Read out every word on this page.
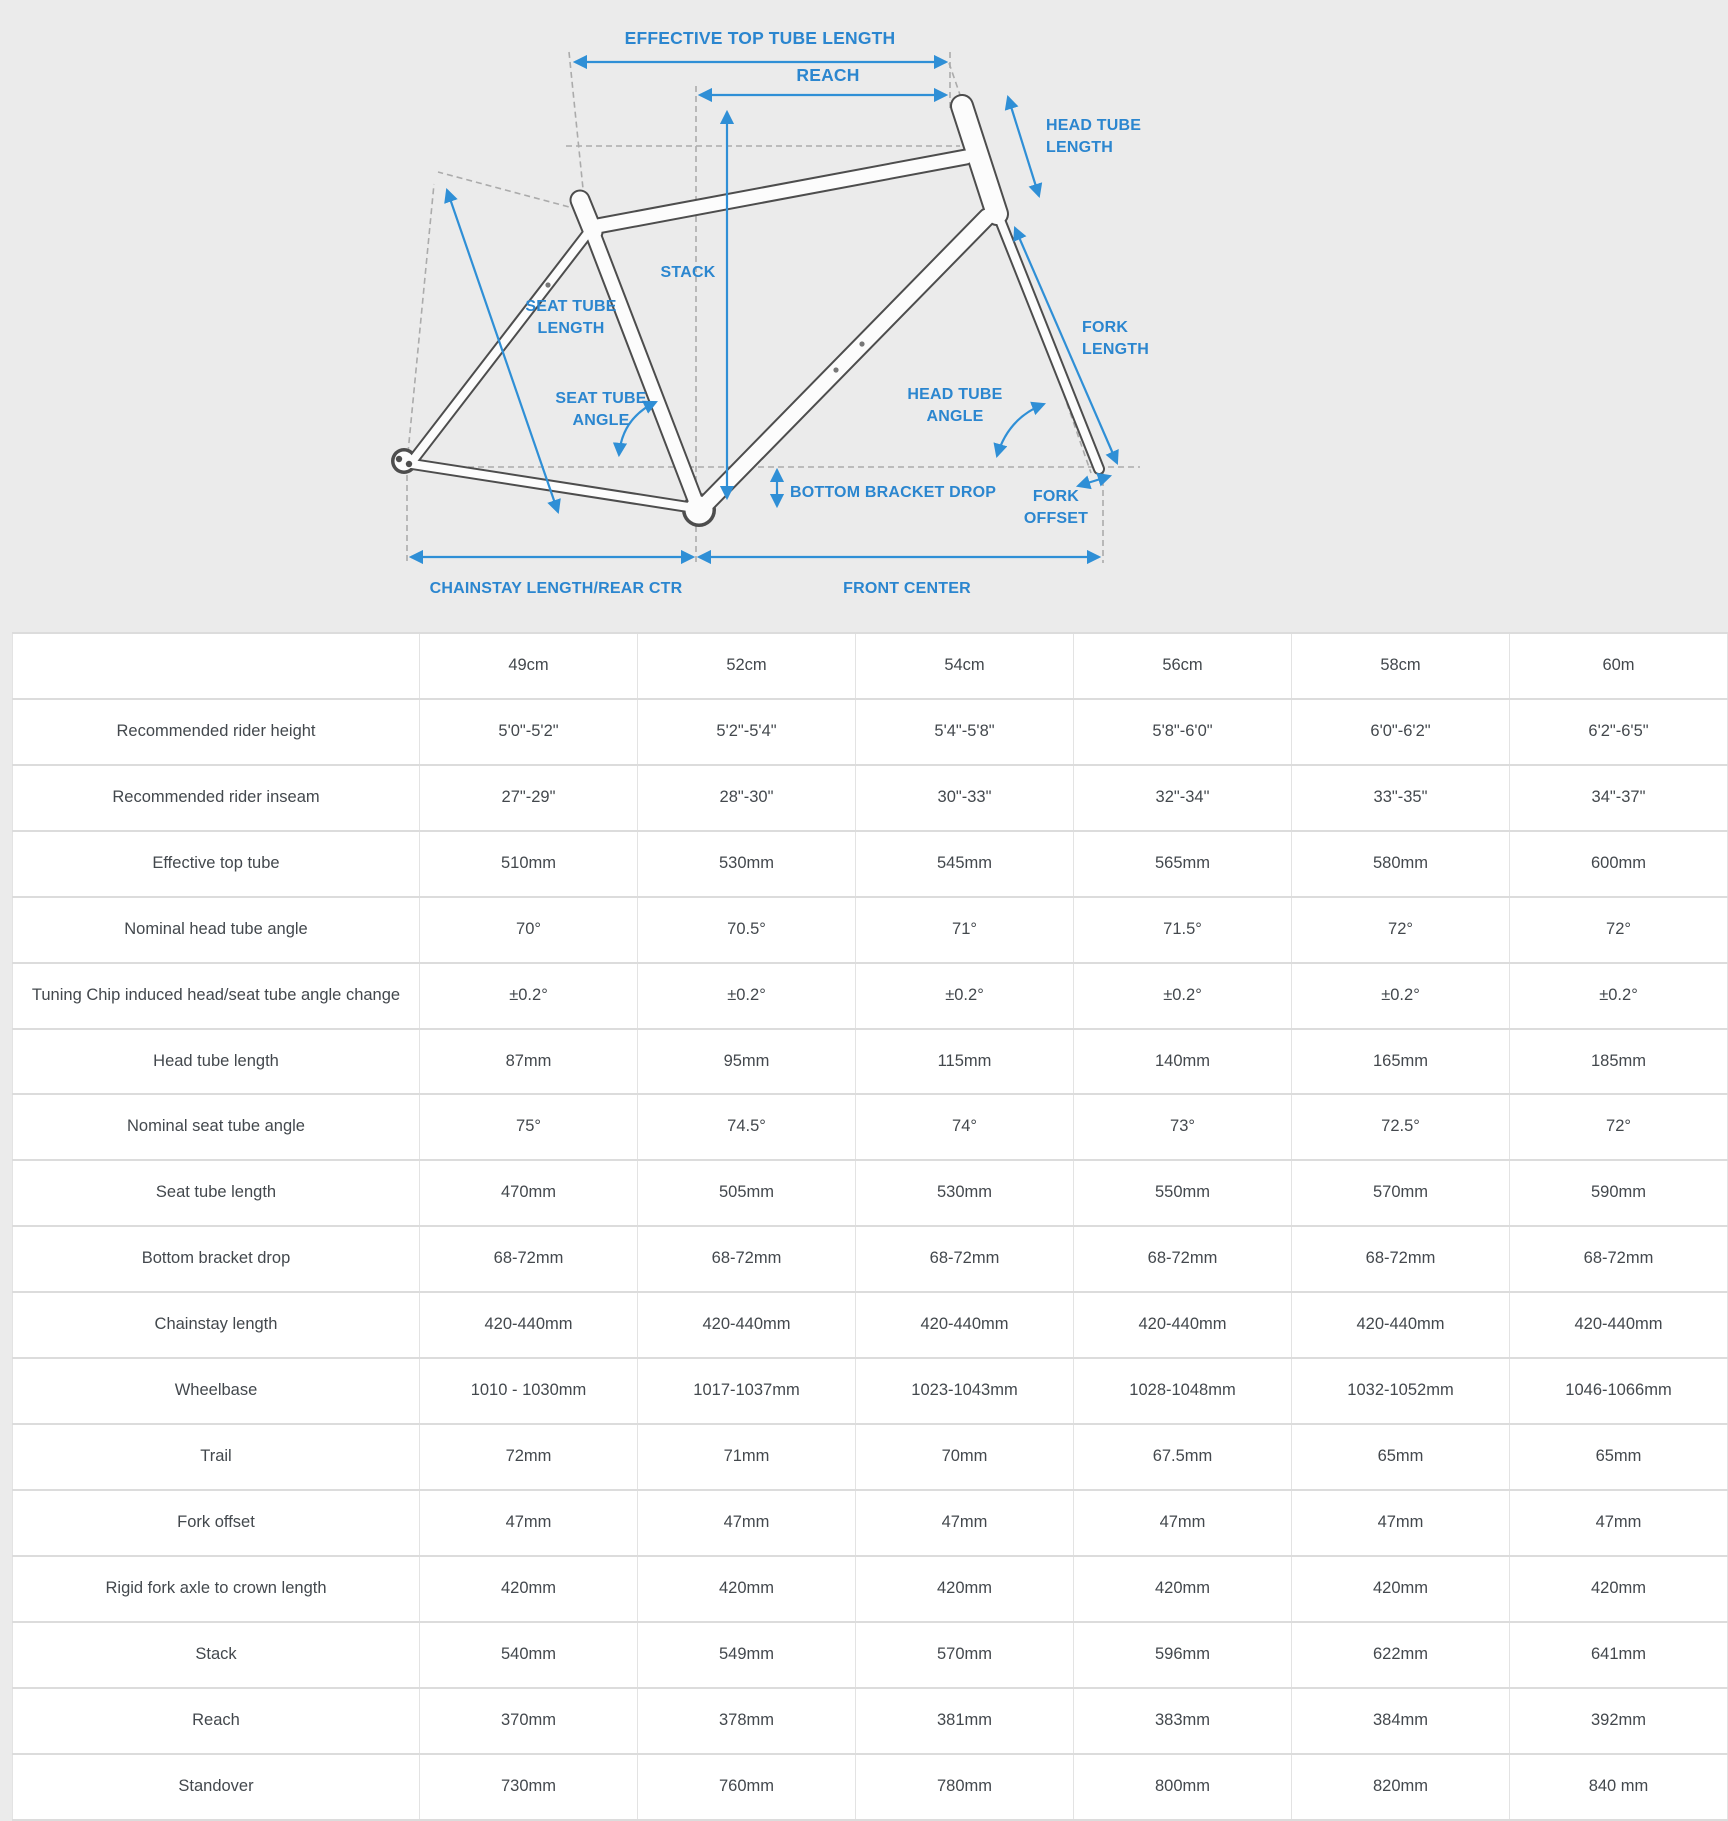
EFFECTIVE TOP TUBE LENGTH
REACH
HEAD TUBE
LENGTH
SEAT TUBE
LENGTH
STACK
SEAT TUBE
ANGLE
HEAD TUBE
ANGLE
FORK
LENGTH
BOTTOM BRACKET DROP FORK
OFFSET
CHAINSTAY LENGTH/REAR CTR	FRONT CENTER
	49cm	52cm	54cm	56cm	58cm	60m
Recommended rider height	5'0"-5'2"	5'2"-5'4"	5'4"-5'8"	5'8"-6'0"	6'0"-6'2"	6'2"-6'5"
Recommended rider inseam	27"-29"	28"-30"	30"-33"	32"-34"	33"-35"	34"-37"
Effective top tube	510mm	530mm	545mm	565mm	580mm	600mm
Nominal head tube angle	70°	70.5°	71°	71.5°	72°	72°
Tuning Chip induced head/seat tube angle change	±0.2°	±0.2°	±0.2°	±0.2°	±0.2°	±0.2°
Head tube length	87mm	95mm	115mm	140mm	165mm	185mm
Nominal seat tube angle	75°	74.5°	74°	73°	72.5°	72°
Seat tube length	470mm	505mm	530mm	550mm	570mm	590mm
Bottom bracket drop	68-72mm	68-72mm	68-72mm	68-72mm	68-72mm	68-72mm
Chainstay length	420-440mm	420-440mm	420-440mm	420-440mm	420-440mm	420-440mm
Wheelbase	1010 - 1030mm	1017-1037mm	1023-1043mm	1028-1048mm	1032-1052mm	1046-1066mm
Trail	72mm	71mm	70mm	67.5mm	65mm	65mm
Fork offset	47mm	47mm	47mm	47mm	47mm	47mm
Rigid fork axle to crown length	420mm	420mm	420mm	420mm	420mm	420mm
Stack	540mm	549mm	570mm	596mm	622mm	641mm
Reach	370mm	378mm	381mm	383mm	384mm	392mm
Standover	730mm	760mm	780mm	800mm	820mm	840 mm
